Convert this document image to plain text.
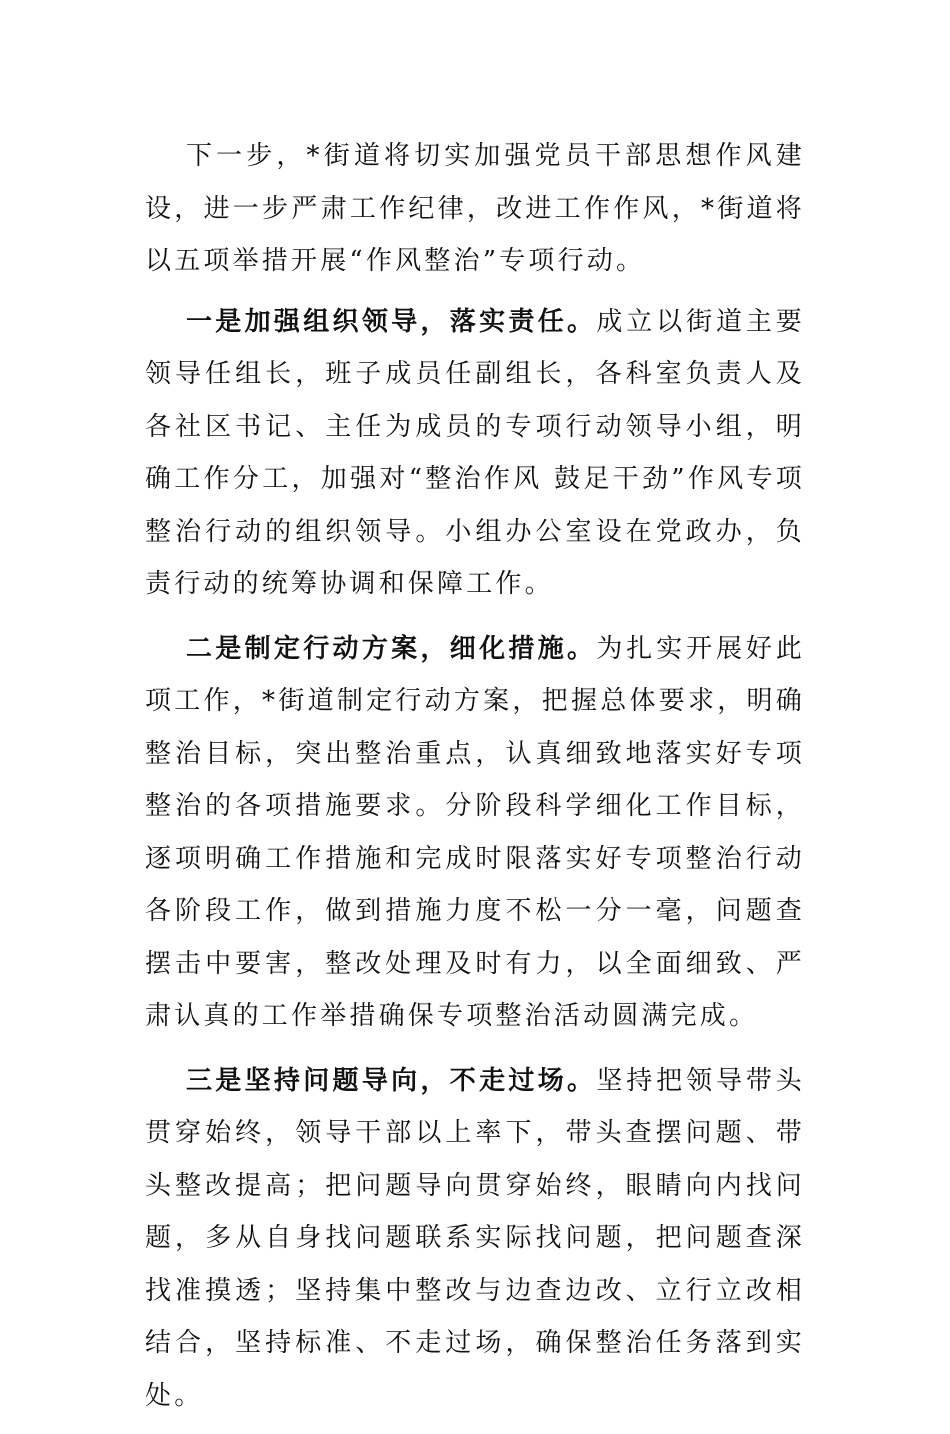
下一步，*街道将切实加强党员干部思想作风建设，进一步严肃工作纪律，改进工作作风，*街道将以五项举措开展“作风整治”专项行动。

一是加强组织领导，落实责任。成立以街道主要领导任组长，班子成员任副组长，各科室负责人及各社区书记、主任为成员的专项行动领导小组，明确工作分工，加强对“整治作风 鼓足干劲”作风专项整治行动的组织领导。小组办公室设在党政办，负责行动的统筹协调和保障工作。

二是制定行动方案，细化措施。为扎实开展好此项工作，*街道制定行动方案，把握总体要求，明确整治目标，突出整治重点，认真细致地落实好专项整治的各项措施要求。分阶段科学细化工作目标，逐项明确工作措施和完成时限落实好专项整治行动各阶段工作，做到措施力度不松一分一毫，问题查摆击中要害，整改处理及时有力，以全面细致、严肃认真的工作举措确保专项整治活动圆满完成。

三是坚持问题导向，不走过场。坚持把领导带头贯穿始终，领导干部以上率下，带头查摆问题、带头整改提高；把问题导向贯穿始终，眼睛向内找问题，多从自身找问题联系实际找问题，把问题查深找准摸透；坚持集中整改与边查边改、立行立改相结合，坚持标准、不走过场，确保整治任务落到实处。
